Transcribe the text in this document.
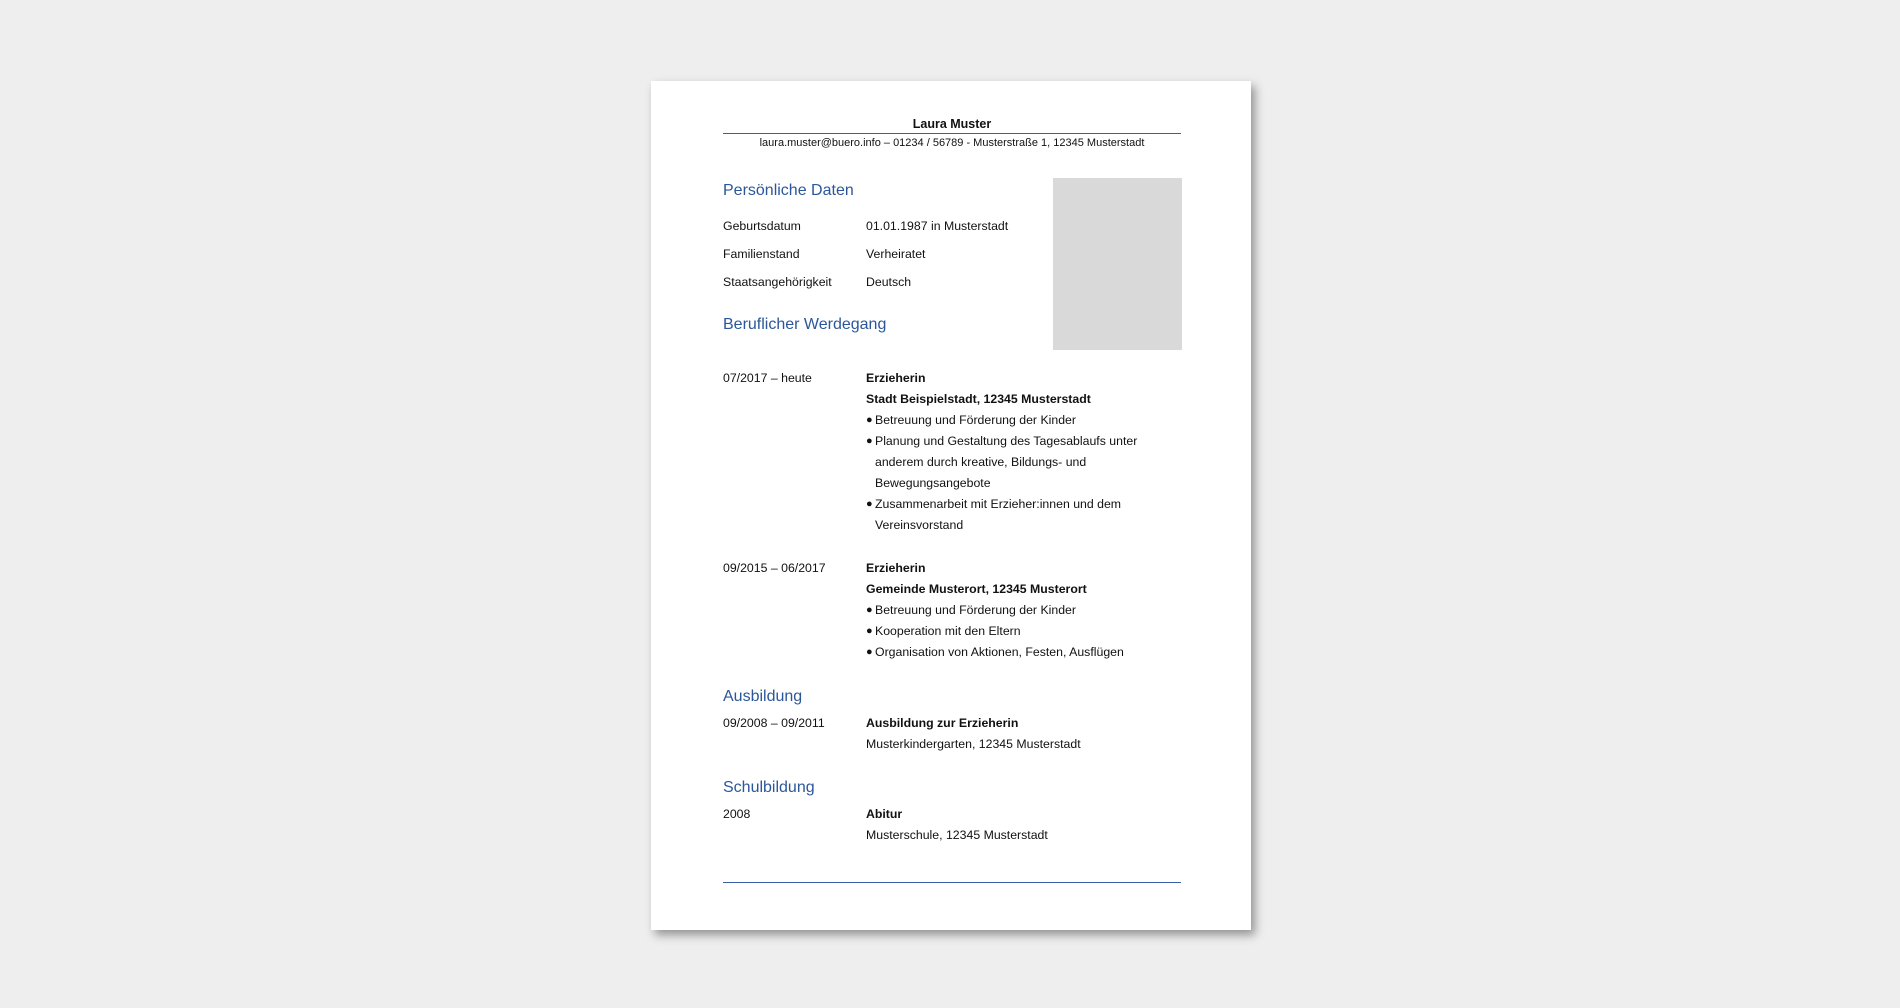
Laura Muster
laura.muster@buero.info – 01234 / 56789 - Musterstraße 1, 12345 Musterstadt
Persönliche Daten
Geburtsdatum	01.01.1987 in Musterstadt
Familienstand	Verheiratet
Staatsangehörigkeit	Deutsch
Beruflicher Werdegang
07/2017 – heute	Erzieherin
Stadt Beispielstadt, 12345 Musterstadt
● Betreuung und Förderung der Kinder
● Planung und Gestaltung des Tagesablaufs unter anderem durch kreative, Bildungs- und Bewegungsangebote
● Zusammenarbeit mit Erzieher:innen und dem Vereinsvorstand
09/2015 – 06/2017	Erzieherin
Gemeinde Musterort, 12345 Musterort
● Betreuung und Förderung der Kinder
● Kooperation mit den Eltern
● Organisation von Aktionen, Festen, Ausflügen
Ausbildung
09/2008 – 09/2011	Ausbildung zur Erzieherin
Musterkindergarten, 12345 Musterstadt
Schulbildung
2008	Abitur
Musterschule, 12345 Musterstadt
